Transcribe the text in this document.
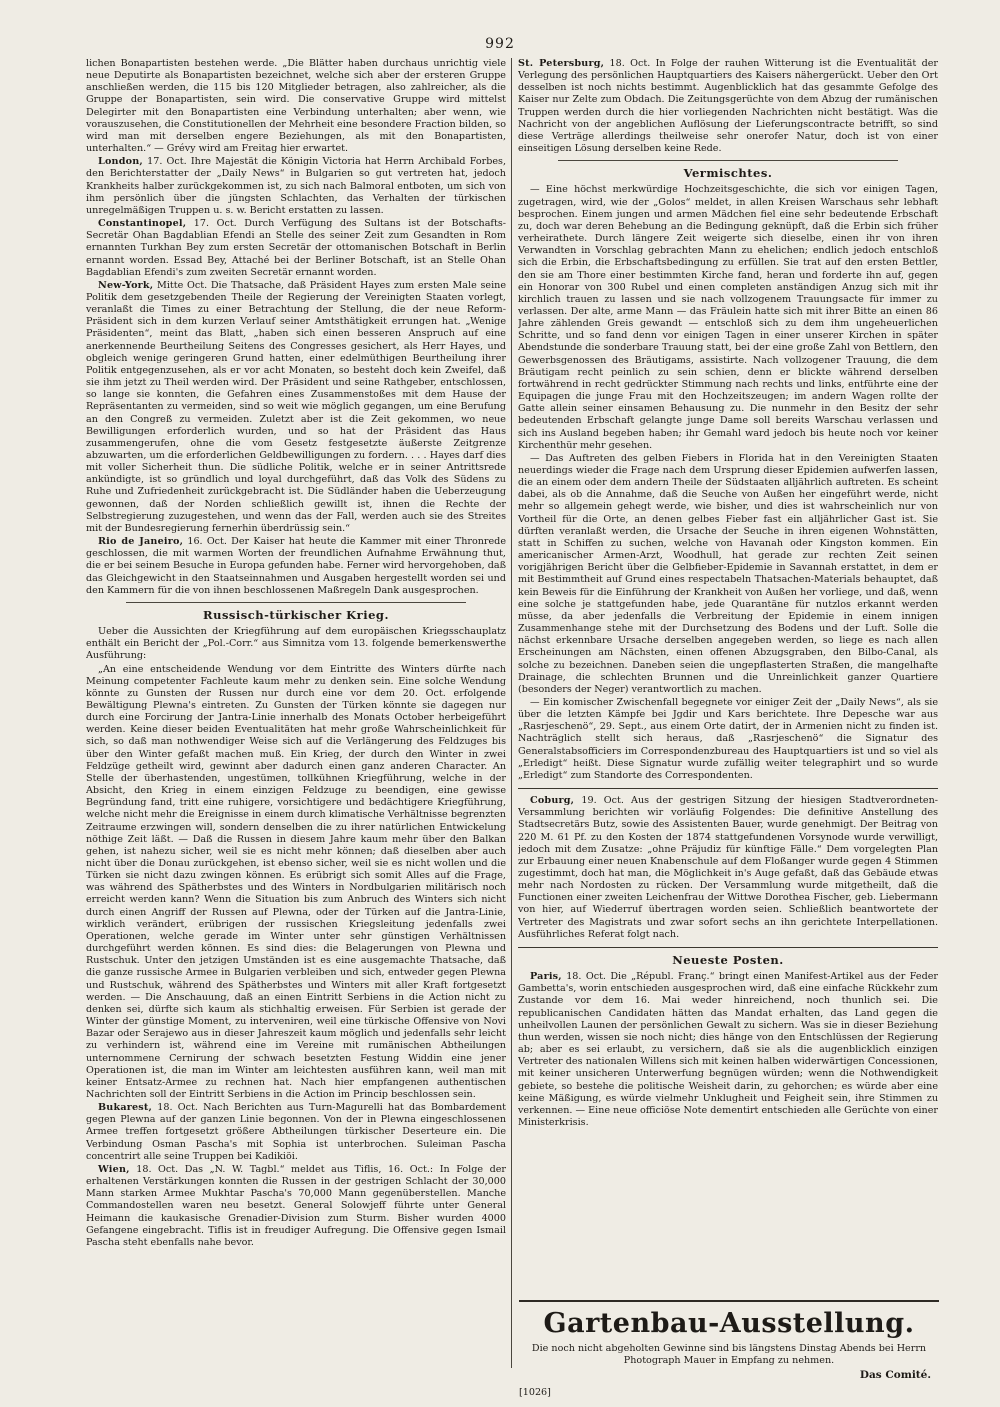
992

lichen Bonapartisten bestehen werde. „Die Blätter haben durchaus unrichtig viele neue Deputirte als Bonapartisten bezeichnet, welche sich aber der ersteren Gruppe anschließen werden, die 115 bis 120 Mitglieder betragen, also zahlreicher, als die Gruppe der Bonapartisten, sein wird. Die conservative Gruppe wird mittelst Delegirter mit den Bonapartisten eine Verbindung unterhalten; aber wenn, wie vorauszusehen, die Constitutionellen der Mehrheit eine besondere Fraction bilden, so wird man mit derselben engere Beziehungen, als mit den Bonapartisten, unterhalten.“ — Grévy wird am Freitag hier erwartet.

London, 17. Oct. Ihre Majestät die Königin Victoria hat Herrn Archibald Forbes, den Berichterstatter der „Daily News“ in Bulgarien so gut vertreten hat, jedoch Krankheits halber zurückgekommen ist, zu sich nach Balmoral entboten, um sich von ihm persönlich über die jüngsten Schlachten, das Verhalten der türkischen unregelmäßigen Truppen u. s. w. Bericht erstatten zu lassen.

Constantinopel, 17. Oct. Durch Verfügung des Sultans ist der Botschafts-Secretär Ohan Bagdablian Efendi an Stelle des seiner Zeit zum Gesandten in Rom ernannten Turkhan Bey zum ersten Secretär der ottomanischen Botschaft in Berlin ernannt worden. Essad Bey, Attaché bei der Berliner Botschaft, ist an Stelle Ohan Bagdablian Efendi's zum zweiten Secretär ernannt worden.

New-York, Mitte Oct. Die Thatsache, daß Präsident Hayes zum ersten Male seine Politik dem gesetzgebenden Theile der Regierung der Vereinigten Staaten vorlegt, veranlaßt die Times zu einer Betrachtung der Stellung, die der neue Reform-Präsident sich in dem kurzen Verlauf seiner Amtsthätigkeit errungen hat. „Wenige Präsidenten“, meint das Blatt, „haben sich einen besseren Anspruch auf eine anerkennende Beurtheilung Seitens des Congresses gesichert, als Herr Hayes, und obgleich wenige geringeren Grund hatten, einer edelmüthigen Beurtheilung ihrer Politik entgegenzusehen, als er vor acht Monaten, so besteht doch kein Zweifel, daß sie ihm jetzt zu Theil werden wird. Der Präsident und seine Rathgeber, entschlossen, so lange sie konnten, die Gefahren eines Zusammenstoßes mit dem Hause der Repräsentanten zu vermeiden, sind so weit wie möglich gegangen, um eine Berufung an den Congreß zu vermeiden. Zuletzt aber ist die Zeit gekommen, wo neue Bewilligungen erforderlich wurden, und so hat der Präsident das Haus zusammengerufen, ohne die vom Gesetz festgesetzte äußerste Zeitgrenze abzuwarten, um die erforderlichen Geldbewilligungen zu fordern. . . . Hayes darf dies mit voller Sicherheit thun. Die südliche Politik, welche er in seiner Antrittsrede ankündigte, ist so gründlich und loyal durchgeführt, daß das Volk des Südens zu Ruhe und Zufriedenheit zurückgebracht ist. Die Südländer haben die Ueberzeugung gewonnen, daß der Norden schließlich gewillt ist, ihnen die Rechte der Selbstregierung zuzugestehen, und wenn das der Fall, werden auch sie des Streites mit der Bundesregierung fernerhin überdrüssig sein.“

Rio de Janeiro, 16. Oct. Der Kaiser hat heute die Kammer mit einer Thronrede geschlossen, die mit warmen Worten der freundlichen Aufnahme Erwähnung thut, die er bei seinem Besuche in Europa gefunden habe. Ferner wird hervorgehoben, daß das Gleichgewicht in den Staatseinnahmen und Ausgaben hergestellt worden sei und den Kammern für die von ihnen beschlossenen Maßregeln Dank ausgesprochen.

Russisch-türkischer Krieg.

Ueber die Aussichten der Kriegführung auf dem europäischen Kriegsschauplatz enthält ein Bericht der „Pol.-Corr.“ aus Simnitza vom 13. folgende bemerkenswerthe Ausführung:

„An eine entscheidende Wendung vor dem Eintritte des Winters dürfte nach Meinung competenter Fachleute kaum mehr zu denken sein. Eine solche Wendung könnte zu Gunsten der Russen nur durch eine vor dem 20. Oct. erfolgende Bewältigung Plewna's eintreten. Zu Gunsten der Türken könnte sie dagegen nur durch eine Forcirung der Jantra-Linie innerhalb des Monats October herbeigeführt werden. Keine dieser beiden Eventualitäten hat mehr große Wahrscheinlichkeit für sich, so daß man nothwendiger Weise sich auf die Verlängerung des Feldzuges bis über den Winter gefaßt machen muß. Ein Krieg, der durch den Winter in zwei Feldzüge getheilt wird, gewinnt aber dadurch einen ganz anderen Character. An Stelle der überhastenden, ungestümen, tollkühnen Kriegführung, welche in der Absicht, den Krieg in einem einzigen Feldzuge zu beendigen, eine gewisse Begründung fand, tritt eine ruhigere, vorsichtigere und bedächtigere Kriegführung, welche nicht mehr die Ereignisse in einem durch klimatische Verhältnisse begrenzten Zeitraume erzwingen will, sondern denselben die zu ihrer natürlichen Entwickelung nöthige Zeit läßt. — Daß die Russen in diesem Jahre kaum mehr über den Balkan gehen, ist nahezu sicher, weil sie es nicht mehr können; daß dieselben aber auch nicht über die Donau zurückgehen, ist ebenso sicher, weil sie es nicht wollen und die Türken sie nicht dazu zwingen können. Es erübrigt sich somit Alles auf die Frage, was während des Spätherbstes und des Winters in Nordbulgarien militärisch noch erreicht werden kann? Wenn die Situation bis zum Anbruch des Winters sich nicht durch einen Angriff der Russen auf Plewna, oder der Türken auf die Jantra-Linie, wirklich verändert, erübrigen der russischen Kriegsleitung jedenfalls zwei Operationen, welche gerade im Winter unter sehr günstigen Verhältnissen durchgeführt werden können. Es sind dies: die Belagerungen von Plewna und Rustschuk. Unter den jetzigen Umständen ist es eine ausgemachte Thatsache, daß die ganze russische Armee in Bulgarien verbleiben und sich, entweder gegen Plewna und Rustschuk, während des Spätherbstes und Winters mit aller Kraft fortgesetzt werden. — Die Anschauung, daß an einen Eintritt Serbiens in die Action nicht zu denken sei, dürfte sich kaum als stichhaltig erweisen. Für Serbien ist gerade der Winter der günstige Moment, zu interveniren, weil eine türkische Offensive von Novi Bazar oder Serajewo aus in dieser Jahreszeit kaum möglich und jedenfalls sehr leicht zu verhindern ist, während eine im Vereine mit rumänischen Abtheilungen unternommene Cernirung der schwach besetzten Festung Widdin eine jener Operationen ist, die man im Winter am leichtesten ausführen kann, weil man mit keiner Entsatz-Armee zu rechnen hat. Nach hier empfangenen authentischen Nachrichten soll der Eintritt Serbiens in die Action im Princip beschlossen sein.

Bukarest, 18. Oct. Nach Berichten aus Turn-Magurelli hat das Bombardement gegen Plewna auf der ganzen Linie begonnen. Von der in Plewna eingeschlossenen Armee treffen fortgesetzt größere Abtheilungen türkischer Deserteure ein. Die Verbindung Osman Pascha's mit Sophia ist unterbrochen. Suleiman Pascha concentrirt alle seine Truppen bei Kadikiöi.

Wien, 18. Oct. Das „N. W. Tagbl.“ meldet aus Tiflis, 16. Oct.: In Folge der erhaltenen Verstärkungen konnten die Russen in der gestrigen Schlacht der 30,000 Mann starken Armee Mukhtar Pascha's 70,000 Mann gegenüberstellen. Manche Commandostellen waren neu besetzt. General Solowjeff führte unter General Heimann die kaukasische Grenadier-Division zum Sturm. Bisher wurden 4000 Gefangene eingebracht. Tiflis ist in freudiger Aufregung. Die Offensive gegen Ismail Pascha steht ebenfalls nahe bevor.

St. Petersburg, 18. Oct. In Folge der rauhen Witterung ist die Eventualität der Verlegung des persönlichen Hauptquartiers des Kaisers nähergerückt. Ueber den Ort desselben ist noch nichts bestimmt. Augenblicklich hat das gesammte Gefolge des Kaiser nur Zelte zum Obdach. Die Zeitungsgerüchte von dem Abzug der rumänischen Truppen werden durch die hier vorliegenden Nachrichten nicht bestätigt. Was die Nachricht von der angeblichen Auflösung der Lieferungscontracte betrifft, so sind diese Verträge allerdings theilweise sehr onerofer Natur, doch ist von einer einseitigen Lösung derselben keine Rede.

Vermischtes.

— Eine höchst merkwürdige Hochzeitsgeschichte, die sich vor einigen Tagen, zugetragen, wird, wie der „Golos“ meldet, in allen Kreisen Warschaus sehr lebhaft besprochen. Einem jungen und armen Mädchen fiel eine sehr bedeutende Erbschaft zu, doch war deren Behebung an die Bedingung geknüpft, daß die Erbin sich früher verheirathete. Durch längere Zeit weigerte sich dieselbe, einen ihr von ihren Verwandten in Vorschlag gebrachten Mann zu ehelichen; endlich jedoch entschloß sich die Erbin, die Erbschaftsbedingung zu erfüllen. Sie trat auf den ersten Bettler, den sie am Thore einer bestimmten Kirche fand, heran und forderte ihn auf, gegen ein Honorar von 300 Rubel und einen completen anständigen Anzug sich mit ihr kirchlich trauen zu lassen und sie nach vollzogenem Trauungsacte für immer zu verlassen. Der alte, arme Mann — das Fräulein hatte sich mit ihrer Bitte an einen 86 Jahre zählenden Greis gewandt — entschloß sich zu dem ihm ungeheuerlichen Schritte, und so fand denn vor einigen Tagen in einer unserer Kirchen in später Abendstunde die sonderbare Trauung statt, bei der eine große Zahl von Bettlern, den Gewerbsgenossen des Bräutigams, assistirte. Nach vollzogener Trauung, die dem Bräutigam recht peinlich zu sein schien, denn er blickte während derselben fortwährend in recht gedrückter Stimmung nach rechts und links, entführte eine der Equipagen die junge Frau mit den Hochzeitszeugen; im andern Wagen rollte der Gatte allein seiner einsamen Behausung zu. Die nunmehr in den Besitz der sehr bedeutenden Erbschaft gelangte junge Dame soll bereits Warschau verlassen und sich ins Ausland begeben haben; ihr Gemahl ward jedoch bis heute noch vor keiner Kirchenthür mehr gesehen.

— Das Auftreten des gelben Fiebers in Florida hat in den Vereinigten Staaten neuerdings wieder die Frage nach dem Ursprung dieser Epidemien aufwerfen lassen, die an einem oder dem andern Theile der Südstaaten alljährlich auftreten. Es scheint dabei, als ob die Annahme, daß die Seuche von Außen her eingeführt werde, nicht mehr so allgemein gehegt werde, wie bisher, und dies ist wahrscheinlich nur von Vortheil für die Orte, an denen gelbes Fieber fast ein alljährlicher Gast ist. Sie dürften veranlaßt werden, die Ursache der Seuche in ihren eigenen Wohnstätten, statt in Schiffen zu suchen, welche von Havanah oder Kingston kommen. Ein americanischer Armen-Arzt, Woodhull, hat gerade zur rechten Zeit seinen vorigjährigen Bericht über die Gelbfieber-Epidemie in Savannah erstattet, in dem er mit Bestimmtheit auf Grund eines respectabeln Thatsachen-Materials behauptet, daß kein Beweis für die Einführung der Krankheit von Außen her vorliege, und daß, wenn eine solche je stattgefunden habe, jede Quarantäne für nutzlos erkannt werden müsse, da aber jedenfalls die Verbreitung der Epidemie in einem innigen Zusammenhange stehe mit der Durchsetzung des Bodens und der Luft. Solle die nächst erkennbare Ursache derselben angegeben werden, so liege es nach allen Erscheinungen am Nächsten, einen offenen Abzugsgraben, den Bilbo-Canal, als solche zu bezeichnen. Daneben seien die ungepflasterten Straßen, die mangelhafte Drainage, die schlechten Brunnen und die Unreinlichkeit ganzer Quartiere (besonders der Neger) verantwortlich zu machen.

— Ein komischer Zwischenfall begegnete vor einiger Zeit der „Daily News“, als sie über die letzten Kämpfe bei Jgdir und Kars berichtete. Ihre Depesche war aus „Rasrjeschenö“, 29. Sept., aus einem Orte datirt, der in Armenien nicht zu finden ist. Nachträglich stellt sich heraus, daß „Rasrjeschenö“ die Signatur des Generalstabsofficiers im Correspondenzbureau des Hauptquartiers ist und so viel als „Erledigt“ heißt. Diese Signatur wurde zufällig weiter telegraphirt und so wurde „Erledigt“ zum Standorte des Correspondenten.

Coburg, 19. Oct. Aus der gestrigen Sitzung der hiesigen Stadtverordneten-Versammlung berichten wir vorläufig Folgendes: Die definitive Anstellung des Stadtsecretärs Butz, sowie des Assistenten Bauer, wurde genehmigt. Der Beitrag von 220 M. 61 Pf. zu den Kosten der 1874 stattgefundenen Vorsynode wurde verwilligt, jedoch mit dem Zusatze: „ohne Präjudiz für künftige Fälle.“ Dem vorgelegten Plan zur Erbauung einer neuen Knabenschule auf dem Floßanger wurde gegen 4 Stimmen zugestimmt, doch hat man, die Möglichkeit in's Auge gefaßt, daß das Gebäude etwas mehr nach Nordosten zu rücken. Der Versammlung wurde mitgetheilt, daß die Functionen einer zweiten Leichenfrau der Wittwe Dorothea Fischer, geb. Liebermann von hier, auf Wiederruf übertragen worden seien. Schließlich beantwortete der Vertreter des Magistrats und zwar sofort sechs an ihn gerichtete Interpellationen. Ausführliches Referat folgt nach.

Neueste Posten.

Paris, 18. Oct. Die „Républ. Franç.“ bringt einen Manifest-Artikel aus der Feder Gambetta's, worin entschieden ausgesprochen wird, daß eine einfache Rückkehr zum Zustande vor dem 16. Mai weder hinreichend, noch thunlich sei. Die republicanischen Candidaten hätten das Mandat erhalten, das Land gegen die unheilvollen Launen der persönlichen Gewalt zu sichern. Was sie in dieser Beziehung thun werden, wissen sie noch nicht; dies hänge von den Entschlüssen der Regierung ab; aber es sei erlaubt, zu versichern, daß sie als die augenblicklich einzigen Vertreter des nationalen Willens sich mit keinen halben widerwärtigen Concessionen, mit keiner unsicheren Unterwerfung begnügen würden; wenn die Nothwendigkeit gebiete, so bestehe die politische Weisheit darin, zu gehorchen; es würde aber eine keine Mäßigung, es würde vielmehr Unklugheit und Feigheit sein, ihre Stimmen zu verkennen. — Eine neue officiöse Note dementirt entschieden alle Gerüchte von einer Ministerkrisis.

Gartenbau-Ausstellung.
Die noch nicht abgeholten Gewinne sind bis längstens Dinstag Abends bei Herrn Photograph Mauer in Empfang zu nehmen.
Das Comité.
[1026]
